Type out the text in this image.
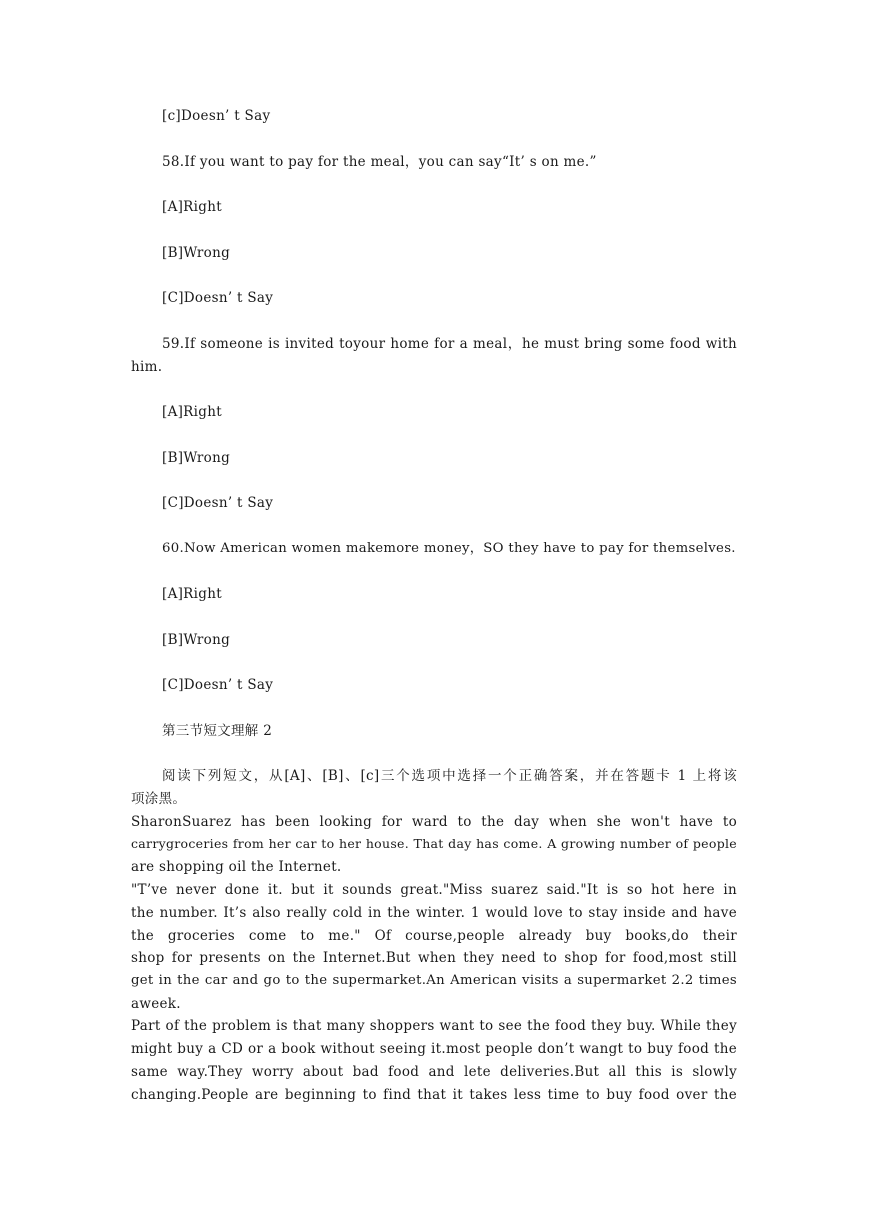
[c]Doesn’ t Say
58.If you want to pay for the meal，you can say“It’ s on me.”
[A]Right
[B]Wrong
[C]Doesn’ t Say
59.If someone is invited toyour home for a meal，he must bring some food with
him.
[A]Right
[B]Wrong
[C]Doesn’ t Say
60.Now American women makemore money，SO they have to pay for themselves.
[A]Right
[B]Wrong
[C]Doesn’ t Say
第三节短文理解 2
阅读下列短文，从[A]、[B]、[c]三个选项中选择一个正确答案，并在答题卡 1 上将该
项涂黑。
SharonSuarez has been looking for ward to the day when she won't have to
carrygroceries from her car to her house. That day has come. A growing number of people
are shopping oil the Internet.
"T’ve never done it. but it sounds great."Miss suarez said."It is so hot here in
the number. It’s also really cold in the winter. 1 would love to stay inside and have
the groceries come to me." Of course,people already buy books,do their
shop for presents on the Internet.But when they need to shop for food,most still
get in the car and go to the supermarket.An American visits a supermarket 2.2 times
aweek.
Part of the problem is that many shoppers want to see the food they buy. While they
might buy a CD or a book without seeing it.most people don’t wangt to buy food the
same way.They worry about bad food and lete deliveries.But all this is slowly
changing.People are beginning to find that it takes less time to buy food over the
